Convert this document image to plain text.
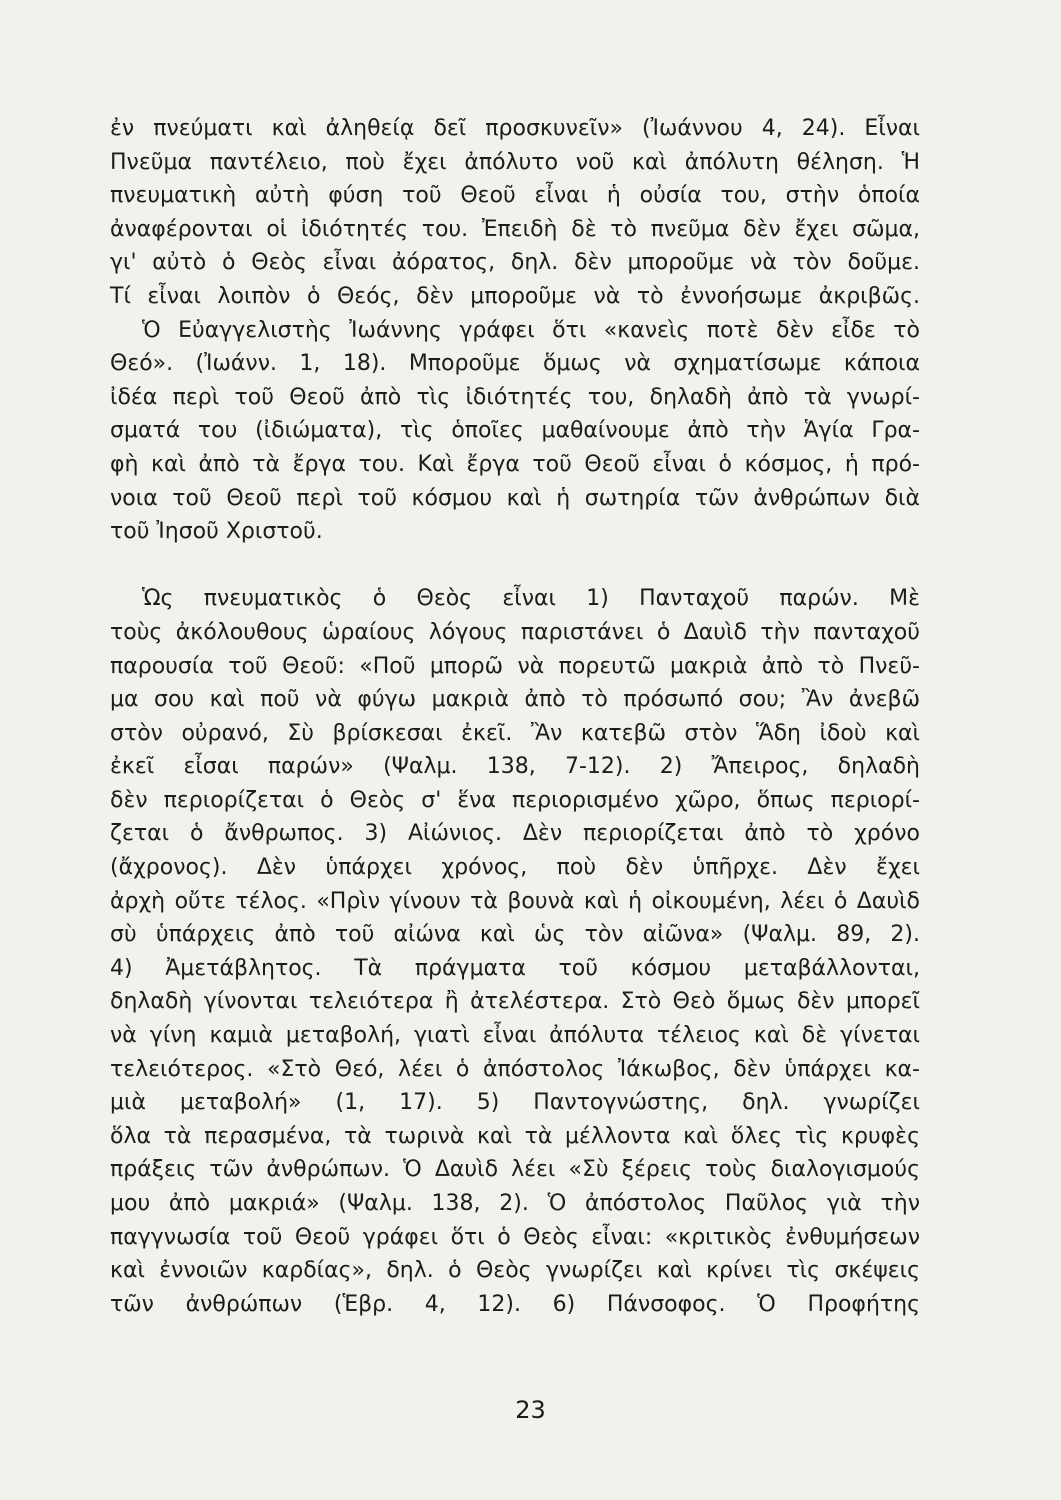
ἐν πνεύματι καὶ ἀληθείᾳ δεῖ προσκυνεῖν» (Ἰωάννου 4, 24). Εἶναι
Πνεῦμα παντέλειο, ποὺ ἔχει ἀπόλυτο νοῦ καὶ ἀπόλυτη θέληση. Ἡ
πνευματικὴ αὐτὴ φύση τοῦ Θεοῦ εἶναι ἡ οὐσία του, στὴν ὁποία
ἀναφέρονται οἱ ἰδιότητές του. Ἐπειδὴ δὲ τὸ πνεῦμα δὲν ἔχει σῶμα,
γι' αὐτὸ ὁ Θεὸς εἶναι ἀόρατος, δηλ. δὲν μποροῦμε νὰ τὸν δοῦμε.
Τί εἶναι λοιπὸν ὁ Θεός, δὲν μποροῦμε νὰ τὸ ἐννοήσωμε ἀκριβῶς.
Ὁ Εὐαγγελιστὴς Ἰωάννης γράφει ὅτι «κανεὶς ποτὲ δὲν εἶδε τὸ
Θεό». (Ἰωάνν. 1, 18). Μποροῦμε ὅμως νὰ σχηματίσωμε κάποια
ἰδέα περὶ τοῦ Θεοῦ ἀπὸ τὶς ἰδιότητές του, δηλαδὴ ἀπὸ τὰ γνωρί-
σματά του (ἰδιώματα), τὶς ὁποῖες μαθαίνουμε ἀπὸ τὴν Ἁγία Γρα-
φὴ καὶ ἀπὸ τὰ ἔργα του. Καὶ ἔργα τοῦ Θεοῦ εἶναι ὁ κόσμος, ἡ πρό-
νοια τοῦ Θεοῦ περὶ τοῦ κόσμου καὶ ἡ σωτηρία τῶν ἀνθρώπων διὰ
τοῦ Ἰησοῦ Χριστοῦ.
Ὡς πνευματικὸς ὁ Θεὸς εἶναι 1) Πανταχοῦ παρών. Μὲ
τοὺς ἀκόλουθους ὡραίους λόγους παριστάνει ὁ Δαυὶδ τὴν πανταχοῦ
παρουσία τοῦ Θεοῦ: «Ποῦ μπορῶ νὰ πορευτῶ μακριὰ ἀπὸ τὸ Πνεῦ-
μα σου καὶ ποῦ νὰ φύγω μακριὰ ἀπὸ τὸ πρόσωπό σου; Ἂν ἀνεβῶ
στὸν οὐρανό, Σὺ βρίσκεσαι ἐκεῖ. Ἂν κατεβῶ στὸν Ἅδη ἰδοὺ καὶ
ἐκεῖ εἶσαι παρών» (Ψαλμ. 138, 7-12). 2) Ἄπειρος, δηλαδὴ
δὲν περιορίζεται ὁ Θεὸς σ' ἕνα περιορισμένο χῶρο, ὅπως περιορί-
ζεται ὁ ἄνθρωπος. 3) Αἰώνιος. Δὲν περιορίζεται ἀπὸ τὸ χρόνο
(ἄχρονος). Δὲν ὑπάρχει χρόνος, ποὺ δὲν ὑπῆρχε. Δὲν ἔχει
ἀρχὴ οὔτε τέλος. «Πρὶν γίνουν τὰ βουνὰ καὶ ἡ οἰκουμένη, λέει ὁ Δαυὶδ
σὺ ὑπάρχεις ἀπὸ τοῦ αἰώνα καὶ ὡς τὸν αἰῶνα» (Ψαλμ. 89, 2).
4) Ἀμετάβλητος. Τὰ πράγματα τοῦ κόσμου μεταβάλλονται,
δηλαδὴ γίνονται τελειότερα ἢ ἀτελέστερα. Στὸ Θεὸ ὅμως δὲν μπορεῖ
νὰ γίνη καμιὰ μεταβολή, γιατὶ εἶναι ἀπόλυτα τέλειος καὶ δὲ γίνεται
τελειότερος. «Στὸ Θεό, λέει ὁ ἀπόστολος Ἰάκωβος, δὲν ὑπάρχει κα-
μιὰ μεταβολή» (1, 17). 5) Παντογνώστης, δηλ. γνωρίζει
ὅλα τὰ περασμένα, τὰ τωρινὰ καὶ τὰ μέλλοντα καὶ ὅλες τὶς κρυφὲς
πράξεις τῶν ἀνθρώπων. Ὁ Δαυὶδ λέει «Σὺ ξέρεις τοὺς διαλογισμούς
μου ἀπὸ μακριά» (Ψαλμ. 138, 2). Ὁ ἀπόστολος Παῦλος γιὰ τὴν
παγγνωσία τοῦ Θεοῦ γράφει ὅτι ὁ Θεὸς εἶναι: «κριτικὸς ἐνθυμήσεων
καὶ ἐννοιῶν καρδίας», δηλ. ὁ Θεὸς γνωρίζει καὶ κρίνει τὶς σκέψεις
τῶν ἀνθρώπων (Ἑβρ. 4, 12). 6) Πάνσοφος. Ὁ Προφήτης
23
